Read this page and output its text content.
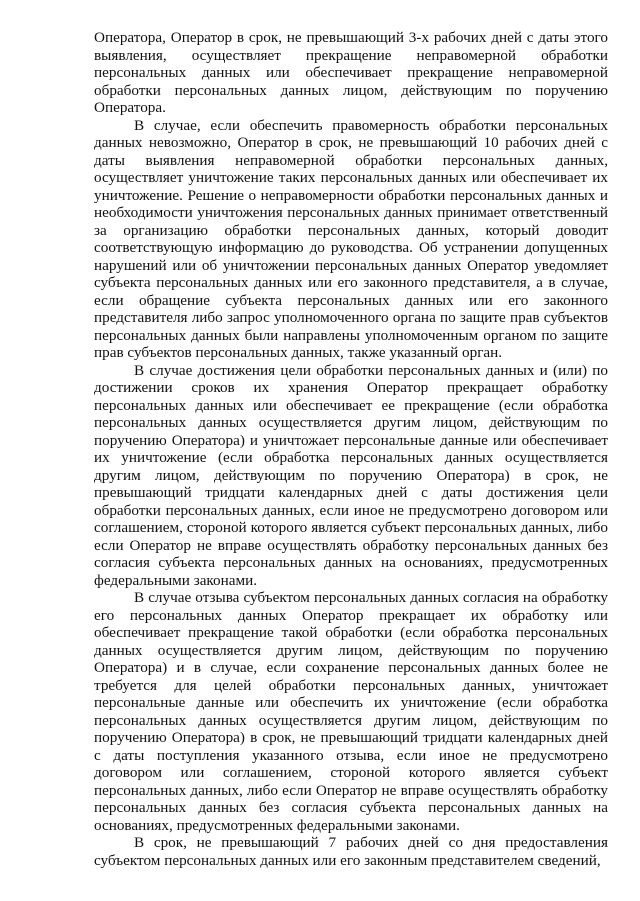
Оператора, Оператор в срок, не превышающий 3-х рабочих дней с даты этого выявления, осуществляет прекращение неправомерной обработки персональных данных или обеспечивает прекращение неправомерной обработки персональных данных лицом, действующим по поручению Оператора.

В случае, если обеспечить правомерность обработки персональных данных невозможно, Оператор в срок, не превышающий 10 рабочих дней с даты выявления неправомерной обработки персональных данных, осуществляет уничтожение таких персональных данных или обеспечивает их уничтожение. Решение о неправомерности обработки персональных данных и необходимости уничтожения персональных данных принимает ответственный за организацию обработки персональных данных, который доводит соответствующую информацию до руководства. Об устранении допущенных нарушений или об уничтожении персональных данных Оператор уведомляет субъекта персональных данных или его законного представителя, а в случае, если обращение субъекта персональных данных или его законного представителя либо запрос уполномоченного органа по защите прав субъектов персональных данных были направлены уполномоченным органом по защите прав субъектов персональных данных, также указанный орган.

В случае достижения цели обработки персональных данных и (или) по достижении сроков их хранения Оператор прекращает обработку персональных данных или обеспечивает ее прекращение (если обработка персональных данных осуществляется другим лицом, действующим по поручению Оператора) и уничтожает персональные данные или обеспечивает их уничтожение (если обработка персональных данных осуществляется другим лицом, действующим по поручению Оператора) в срок, не превышающий тридцати календарных дней с даты достижения цели обработки персональных данных, если иное не предусмотрено договором или соглашением, стороной которого является субъект персональных данных, либо если Оператор не вправе осуществлять обработку персональных данных без согласия субъекта персональных данных на основаниях, предусмотренных федеральными законами.

В случае отзыва субъектом персональных данных согласия на обработку его персональных данных Оператор прекращает их обработку или обеспечивает прекращение такой обработки (если обработка персональных данных осуществляется другим лицом, действующим по поручению Оператора) и в случае, если сохранение персональных данных более не требуется для целей обработки персональных данных, уничтожает персональные данные или обеспечить их уничтожение (если обработка персональных данных осуществляется другим лицом, действующим по поручению Оператора) в срок, не превышающий тридцати календарных дней с даты поступления указанного отзыва, если иное не предусмотрено договором или соглашением, стороной которого является субъект персональных данных, либо если Оператор не вправе осуществлять обработку персональных данных без согласия субъекта персональных данных на основаниях, предусмотренных федеральными законами.

В срок, не превышающий 7 рабочих дней со дня предоставления субъектом персональных данных или его законным представителем сведений,
